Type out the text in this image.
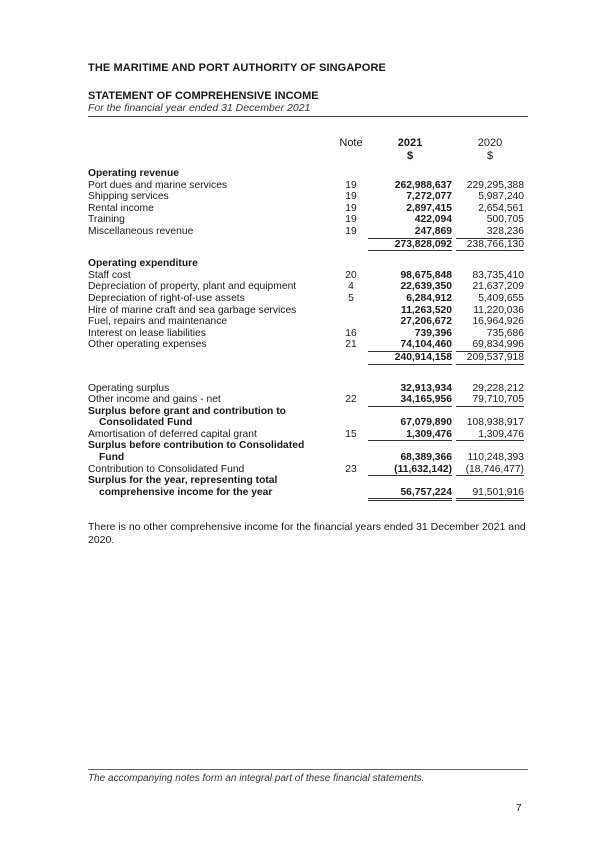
THE MARITIME AND PORT AUTHORITY OF SINGAPORE
STATEMENT OF COMPREHENSIVE INCOME
For the financial year ended 31 December 2021
Note	2021
$
2020
$
Operating revenue
Port dues and marine services	19	262,988,637	229,295,388
Shipping services	19	7,272,077	5,987,240
Rental income	19	2,897,415	2,654,561
Training	19	422,094	500,705
Miscellaneous revenue	19	247,869	328,236
273,828,092	238,766,130
Operating expenditure
Staff cost	20	98,675,848	83,735,410
Depreciation of property, plant and equipment	4	22,639,350	21,637,209
Depreciation of right-of-use assets	5	6,284,912	5,409,655
Hire of marine craft and sea garbage services	11,263,520	11,220,036
Fuel, repairs and maintenance	27,206,672	16,964,926
Interest on lease liabilities	16	739,396	735,686
Other operating expenses	21	74,104,460	69,834,996
240,914,158	209,537,918
Operating surplus	32,913,934	29,228,212
Other income and gains - net	22	34,165,956	79,710,705
Surplus before grant and contribution to
Consolidated Fund	67,079,890	108,938,917
Amortisation of deferred capital grant	15	1,309,476	1,309,476
Surplus before contribution to Consolidated
Fund	68,389,366	110,248,393
Contribution to Consolidated Fund	23	(11,632,142)	(18,746,477)
Surplus for the year, representing total
comprehensive income for the year	56,757,224	91,501,916
There is no other comprehensive income for the financial years ended 31 December 2021 and 2020.
The accompanying notes form an integral part of these financial statements.
7
